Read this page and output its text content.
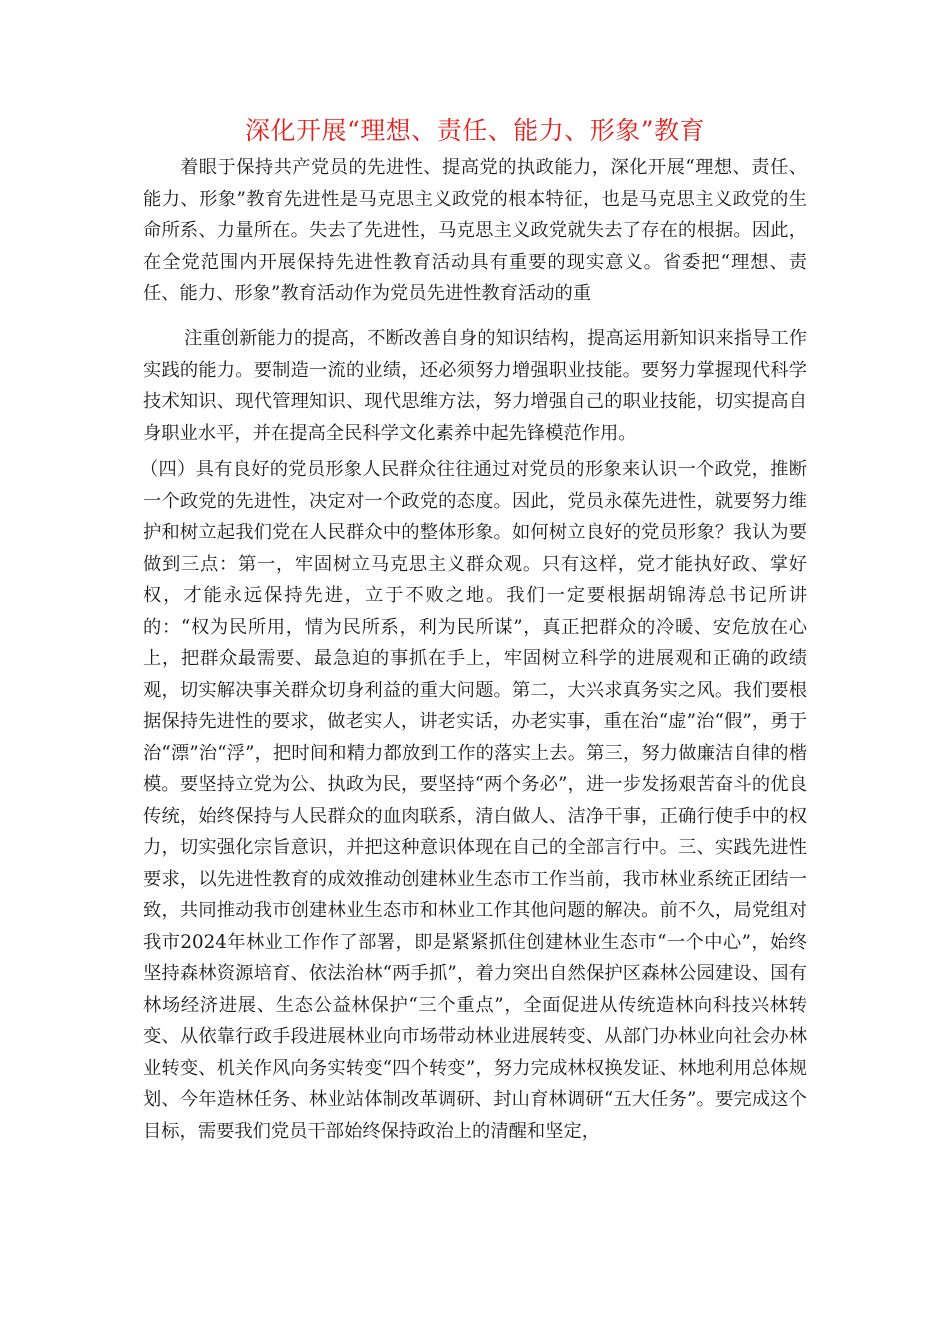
深化开展“理想、责任、能力、形象”教育

着眼于保持共产党员的先进性、提高党的执政能力，深化开展“理想、责任、能力、形象”教育先进性是马克思主义政党的根本特征，也是马克思主义政党的生命所系、力量所在。失去了先进性，马克思主义政党就失去了存在的根据。因此，在全党范围内开展保持先进性教育活动具有重要的现实意义。省委把“理想、责任、能力、形象”教育活动作为党员先进性教育活动的重

注重创新能力的提高，不断改善自身的知识结构，提高运用新知识来指导工作实践的能力。要制造一流的业绩，还必须努力增强职业技能。要努力掌握现代科学技术知识、现代管理知识、现代思维方法，努力增强自己的职业技能，切实提高自身职业水平，并在提高全民科学文化素养中起先锋模范作用。

（四）具有良好的党员形象人民群众往往通过对党员的形象来认识一个政党，推断一个政党的先进性，决定对一个政党的态度。因此，党员永葆先进性，就要努力维护和树立起我们党在人民群众中的整体形象。如何树立良好的党员形象？我认为要做到三点：第一，牢固树立马克思主义群众观。只有这样，党才能执好政、掌好权，才能永远保持先进，立于不败之地。我们一定要根据胡锦涛总书记所讲的：“权为民所用，情为民所系，利为民所谋”，真正把群众的冷暖、安危放在心上，把群众最需要、最急迫的事抓在手上，牢固树立科学的进展观和正确的政绩观，切实解决事关群众切身利益的重大问题。第二，大兴求真务实之风。我们要根据保持先进性的要求，做老实人，讲老实话，办老实事，重在治“虚”治“假”，勇于治“漂”治“浮”，把时间和精力都放到工作的落实上去。第三，努力做廉洁自律的楷模。要坚持立党为公、执政为民，要坚持“两个务必”，进一步发扬艰苦奋斗的优良传统，始终保持与人民群众的血肉联系，清白做人、洁净干事，正确行使手中的权力，切实强化宗旨意识，并把这种意识体现在自己的全部言行中。三、实践先进性要求，以先进性教育的成效推动创建林业生态市工作当前，我市林业系统正团结一致，共同推动我市创建林业生态市和林业工作其他问题的解决。前不久，局党组对我市2024年林业工作作了部署，即是紧紧抓住创建林业生态市“一个中心”，始终坚持森林资源培育、依法治林“两手抓”，着力突出自然保护区森林公园建设、国有林场经济进展、生态公益林保护“三个重点”，全面促进从传统造林向科技兴林转变、从依靠行政手段进展林业向市场带动林业进展转变、从部门办林业向社会办林业转变、机关作风向务实转变“四个转变”，努力完成林权换发证、林地利用总体规划、今年造林任务、林业站体制改革调研、封山育林调研“五大任务”。要完成这个目标，需要我们党员干部始终保持政治上的清醒和坚定，
